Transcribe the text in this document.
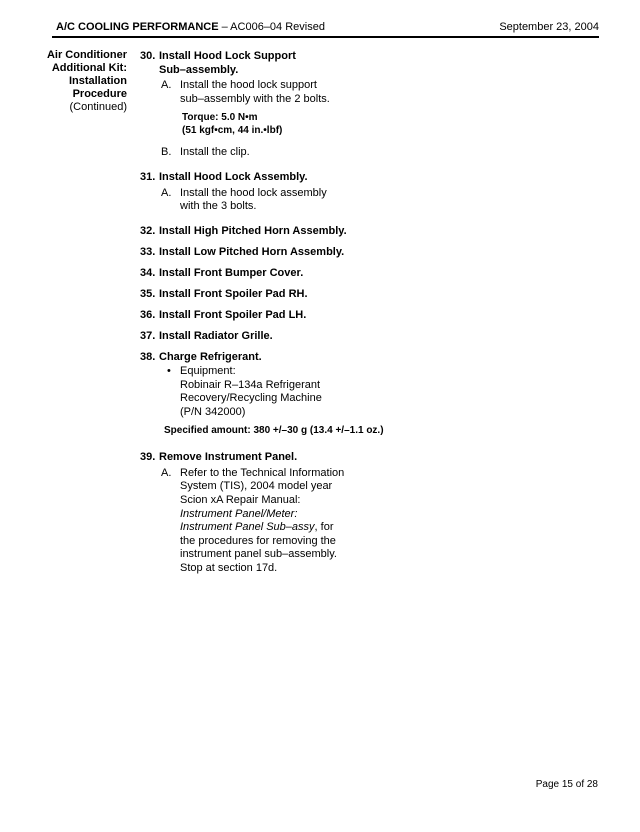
A/C COOLING PERFORMANCE – AC006–04 Revised	September 23, 2004
Air Conditioner
Additional Kit:
Installation
Procedure
(Continued)
30. Install Hood Lock Support
Sub–assembly.
A. Install the hood lock support
sub–assembly with the 2 bolts.
Torque: 5.0 N•m
(51 kgf•cm, 44 in.•lbf)
B. Install the clip.
31. Install Hood Lock Assembly.
A. Install the hood lock assembly
with the 3 bolts.
32. Install High Pitched Horn Assembly.
33. Install Low Pitched Horn Assembly.
34. Install Front Bumper Cover.
35. Install Front Spoiler Pad RH.
36. Install Front Spoiler Pad LH.
37. Install Radiator Grille.
38. Charge Refrigerant.
• Equipment:
Robinair R–134a Refrigerant
Recovery/Recycling Machine
(P/N 342000)
Specified amount: 380 +/–30 g (13.4 +/–1.1 oz.)
39. Remove Instrument Panel.
A. Refer to the Technical Information
System (TIS), 2004 model year
Scion xA Repair Manual:
Instrument Panel/Meter:
Instrument Panel Sub–assy, for
the procedures for removing the
instrument panel sub–assembly.
Stop at section 17d.
Page 15 of 28
